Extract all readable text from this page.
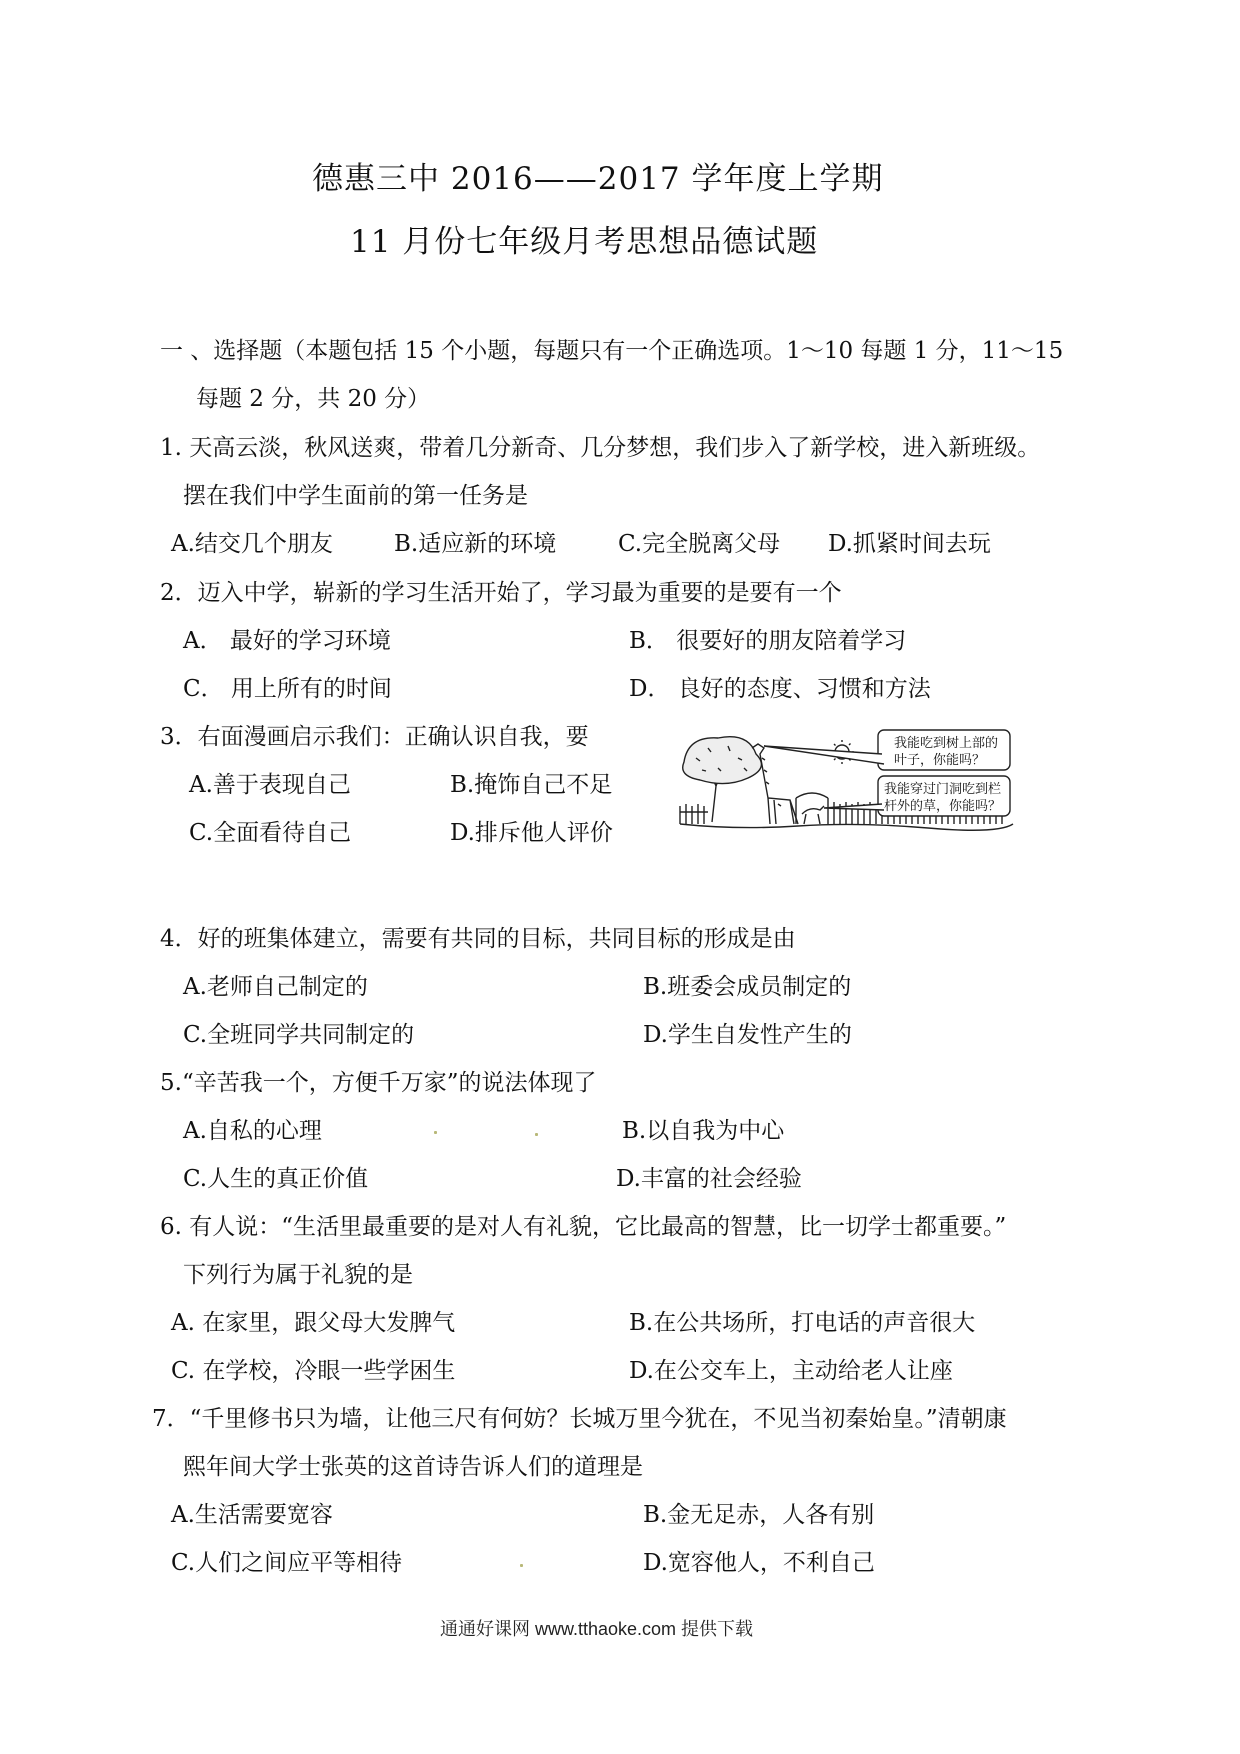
德惠三中 2016——2017 学年度上学期
11 月份七年级月考思想品德试题
一 、选择题（本题包括 15 个小题，每题只有一个正确选项。1～10 每题 1 分，11～15
每题 2 分，共 20 分）
1. 天高云淡，秋风送爽，带着几分新奇、几分梦想，我们步入了新学校，进入新班级。
摆在我们中学生面前的第一任务是
A.结交几个朋友	B.适应新的环境	C.完全脱离父母 D.抓紧时间去玩
2．迈入中学，崭新的学习生活开始了，学习最为重要的是要有一个
A． 最好的学习环境	B． 很要好的朋友陪着学习
C． 用上所有的时间	D． 良好的态度、习惯和方法
3．右面漫画启示我们：正确认识自我，要
A.善于表现自己	B.掩饰自己不足
C.全面看待自己	D.排斥他人评价
我能吃到树上部的
叶子，你能吗？
我能穿过门洞吃到栏
杆外的草，你能吗？
4．好的班集体建立，需要有共同的目标，共同目标的形成是由
A.老师自己制定的	B.班委会成员制定的
C.全班同学共同制定的	D.学生自发性产生的
5.“辛苦我一个，方便千万家”的说法体现了
A.自私的心理	B.以自我为中心
C.人生的真正价值	D.丰富的社会经验
6. 有人说：“生活里最重要的是对人有礼貌，它比最高的智慧，比一切学士都重要。”
下列行为属于礼貌的是
A. 在家里，跟父母大发脾气	B.在公共场所，打电话的声音很大
C. 在学校，冷眼一些学困生	D.在公交车上，主动给老人让座
7．“千里修书只为墙，让他三尺有何妨？长城万里今犹在，不见当初秦始皇。”清朝康
熙年间大学士张英的这首诗告诉人们的道理是
A.生活需要宽容	B.金无足赤，人各有别
C.人们之间应平等相待	D.宽容他人，不利自己
通通好课网 www.tthaoke.com 提供下载
